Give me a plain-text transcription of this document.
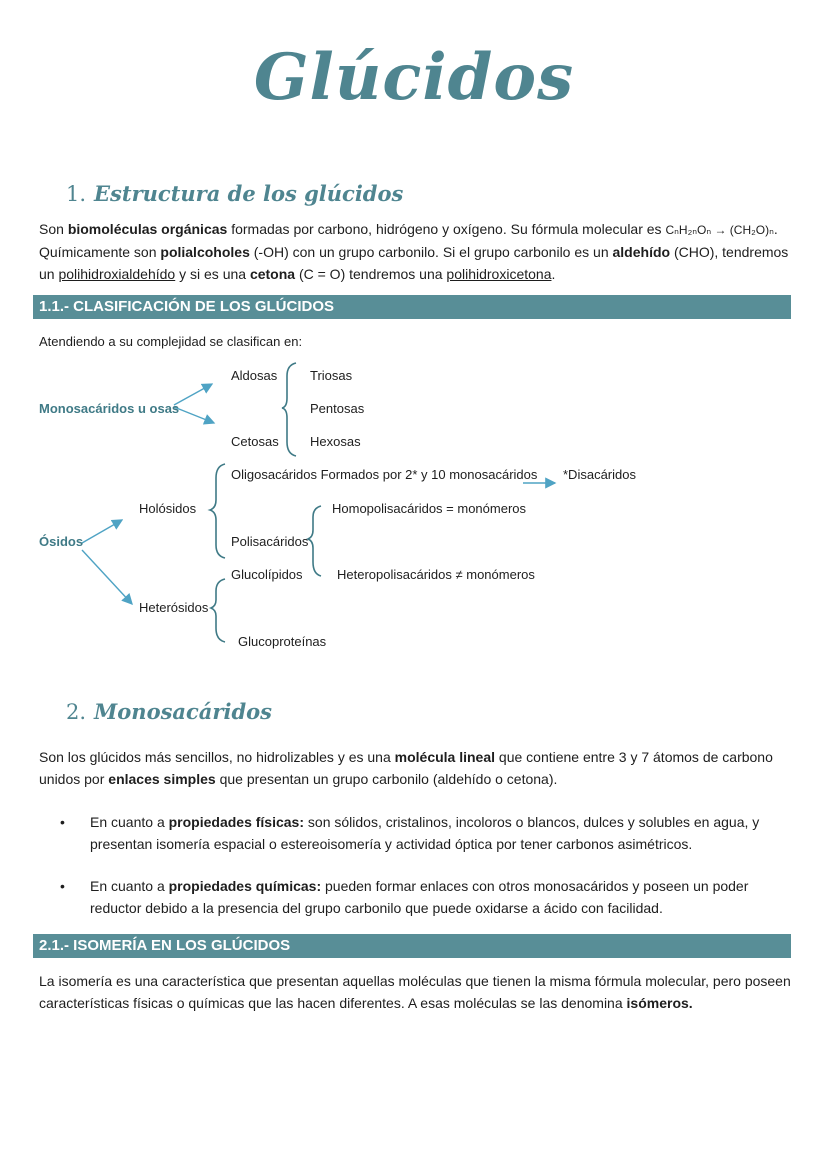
Glúcidos
1. Estructura de los glúcidos
Son biomoléculas orgánicas formadas por carbono, hidrógeno y oxígeno. Su fórmula molecular es CₙH₂ₙOₙ → (CH₂O)ₙ.
Químicamente son polialcoholes (-OH) con un grupo carbonilo. Si el grupo carbonilo es un aldehído (CHO), tendremos
un polihidroxialdehído y si es una cetona (C = O) tendremos una polihidroxicetona.
1.1.- CLASIFICACIÓN DE LOS GLÚCIDOS
Atendiendo a su complejidad se clasifican en:
Monosacáridos u osas
Aldosas
Cetosas
Triosas
Pentosas
Hexosas
Ósidos
Holósidos
Heterósidos
Oligosacáridos Formados por 2* y 10 monosacáridos *Disacáridos
Polisacáridos
Homopolisacáridos = monómeros
Heteropolisacáridos ≠ monómeros
Glucolípidos
Glucoproteínas
2. Monosacáridos
Son los glúcidos más sencillos, no hidrolizables y es una molécula lineal que contiene entre 3 y 7 átomos de carbono
unidos por enlaces simples que presentan un grupo carbonilo (aldehído o cetona).
• En cuanto a propiedades físicas: son sólidos, cristalinos, incoloros o blancos, dulces y solubles en agua, y presentan isomería espacial o estereoisomería y actividad óptica por tener carbonos asimétricos.
• En cuanto a propiedades químicas: pueden formar enlaces con otros monosacáridos y poseen un poder reductor debido a la presencia del grupo carbonilo que puede oxidarse a ácido con facilidad.
2.1.- ISOMERÍA EN LOS GLÚCIDOS
La isomería es una característica que presentan aquellas moléculas que tienen la misma fórmula molecular, pero poseen características físicas o químicas que las hacen diferentes. A esas moléculas se las denomina isómeros.
